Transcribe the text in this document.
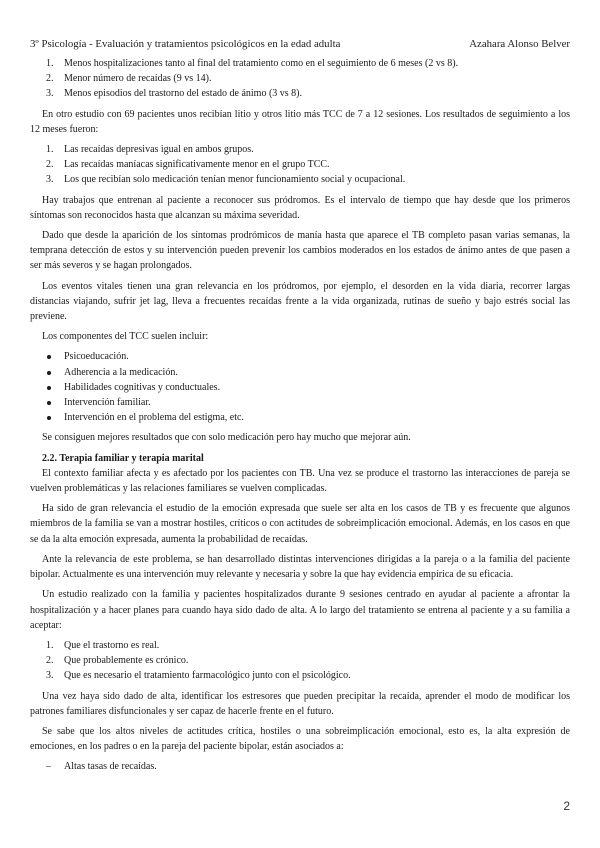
3º Psicología - Evaluación y tratamientos psicológicos en la edad adulta	Azahara Alonso Belver
1.	Menos hospitalizaciones tanto al final del tratamiento como en el seguimiento de 6 meses (2 vs 8).
2.	Menor número de recaídas (9 vs 14).
3.	Menos episodios del trastorno del estado de ánimo (3 vs 8).

En otro estudio con 69 pacientes unos recibían litio y otros litio más TCC de 7 a 12 sesiones. Los resultados de seguimiento a los 12 meses fueron:

1.	Las recaídas depresivas igual en ambos grupos.
2.	Las recaídas maníacas significativamente menor en el grupo TCC.
3.	Los que recibían solo medicación tenían menor funcionamiento social y ocupacional.

Hay trabajos que entrenan al paciente a reconocer sus pródromos. Es el intervalo de tiempo que hay desde que los primeros síntomas son reconocidos hasta que alcanzan su máxima severidad.

Dado que desde la aparición de los síntomas prodrómicos de manía hasta que aparece el TB completo pasan varias semanas, la temprana detección de estos y su intervención pueden prevenir los cambios moderados en los estados de ánimo antes de que pasen a ser más severos y se hagan prolongados.

Los eventos vitales tienen una gran relevancia en los pródromos, por ejemplo, el desorden en la vida diaria, recorrer largas distancias viajando, sufrir jet lag, lleva a frecuentes recaídas frente a la vida organizada, rutinas de sueño y bajo estrés social las previene.

Los componentes del TCC suelen incluir:

Psicoeducación.
Adherencia a la medicación.
Habilidades cognitivas y conductuales.
Intervención familiar.
Intervención en el problema del estigma, etc.

Se consiguen mejores resultados que con solo medicación pero hay mucho que mejorar aún.

2.2. Terapia familiar y terapia marital

El contexto familiar afecta y es afectado por los pacientes con TB. Una vez se produce el trastorno las interacciones de pareja se vuelven problemáticas y las relaciones familiares se vuelven complicadas.

Ha sido de gran relevancia el estudio de la emoción expresada que suele ser alta en los casos de TB y es frecuente que algunos miembros de la familia se van a mostrar hostiles, críticos o con actitudes de sobreimplicación emocional. Además, en los casos en que se da la alta emoción expresada, aumenta la probabilidad de recaídas.

Ante la relevancia de este problema, se han desarrollado distintas intervenciones dirigidas a la pareja o a la familia del paciente bipolar. Actualmente es una intervención muy relevante y necesaria y sobre la que hay evidencia empírica de su eficacia.

Un estudio realizado con la familia y pacientes hospitalizados durante 9 sesiones centrado en ayudar al paciente a afrontar la hospitalización y a hacer planes para cuando haya sido dado de alta. A lo largo del tratamiento se entrena al paciente y a su familia a aceptar:

1.	Que el trastorno es real.
2.	Que probablemente es crónico.
3.	Que es necesario el tratamiento farmacológico junto con el psicológico.

Una vez haya sido dado de alta, identificar los estresores que pueden precipitar la recaída, aprender el modo de modificar los patrones familiares disfuncionales y ser capaz de hacerle frente en el futuro.

Se sabe que los altos niveles de actitudes crítica, hostiles o una sobreimplicación emocional, esto es, la alta expresión de emociones, en los padres o en la pareja del paciente bipolar, están asociados a:

–	Altas tasas de recaídas.
2
